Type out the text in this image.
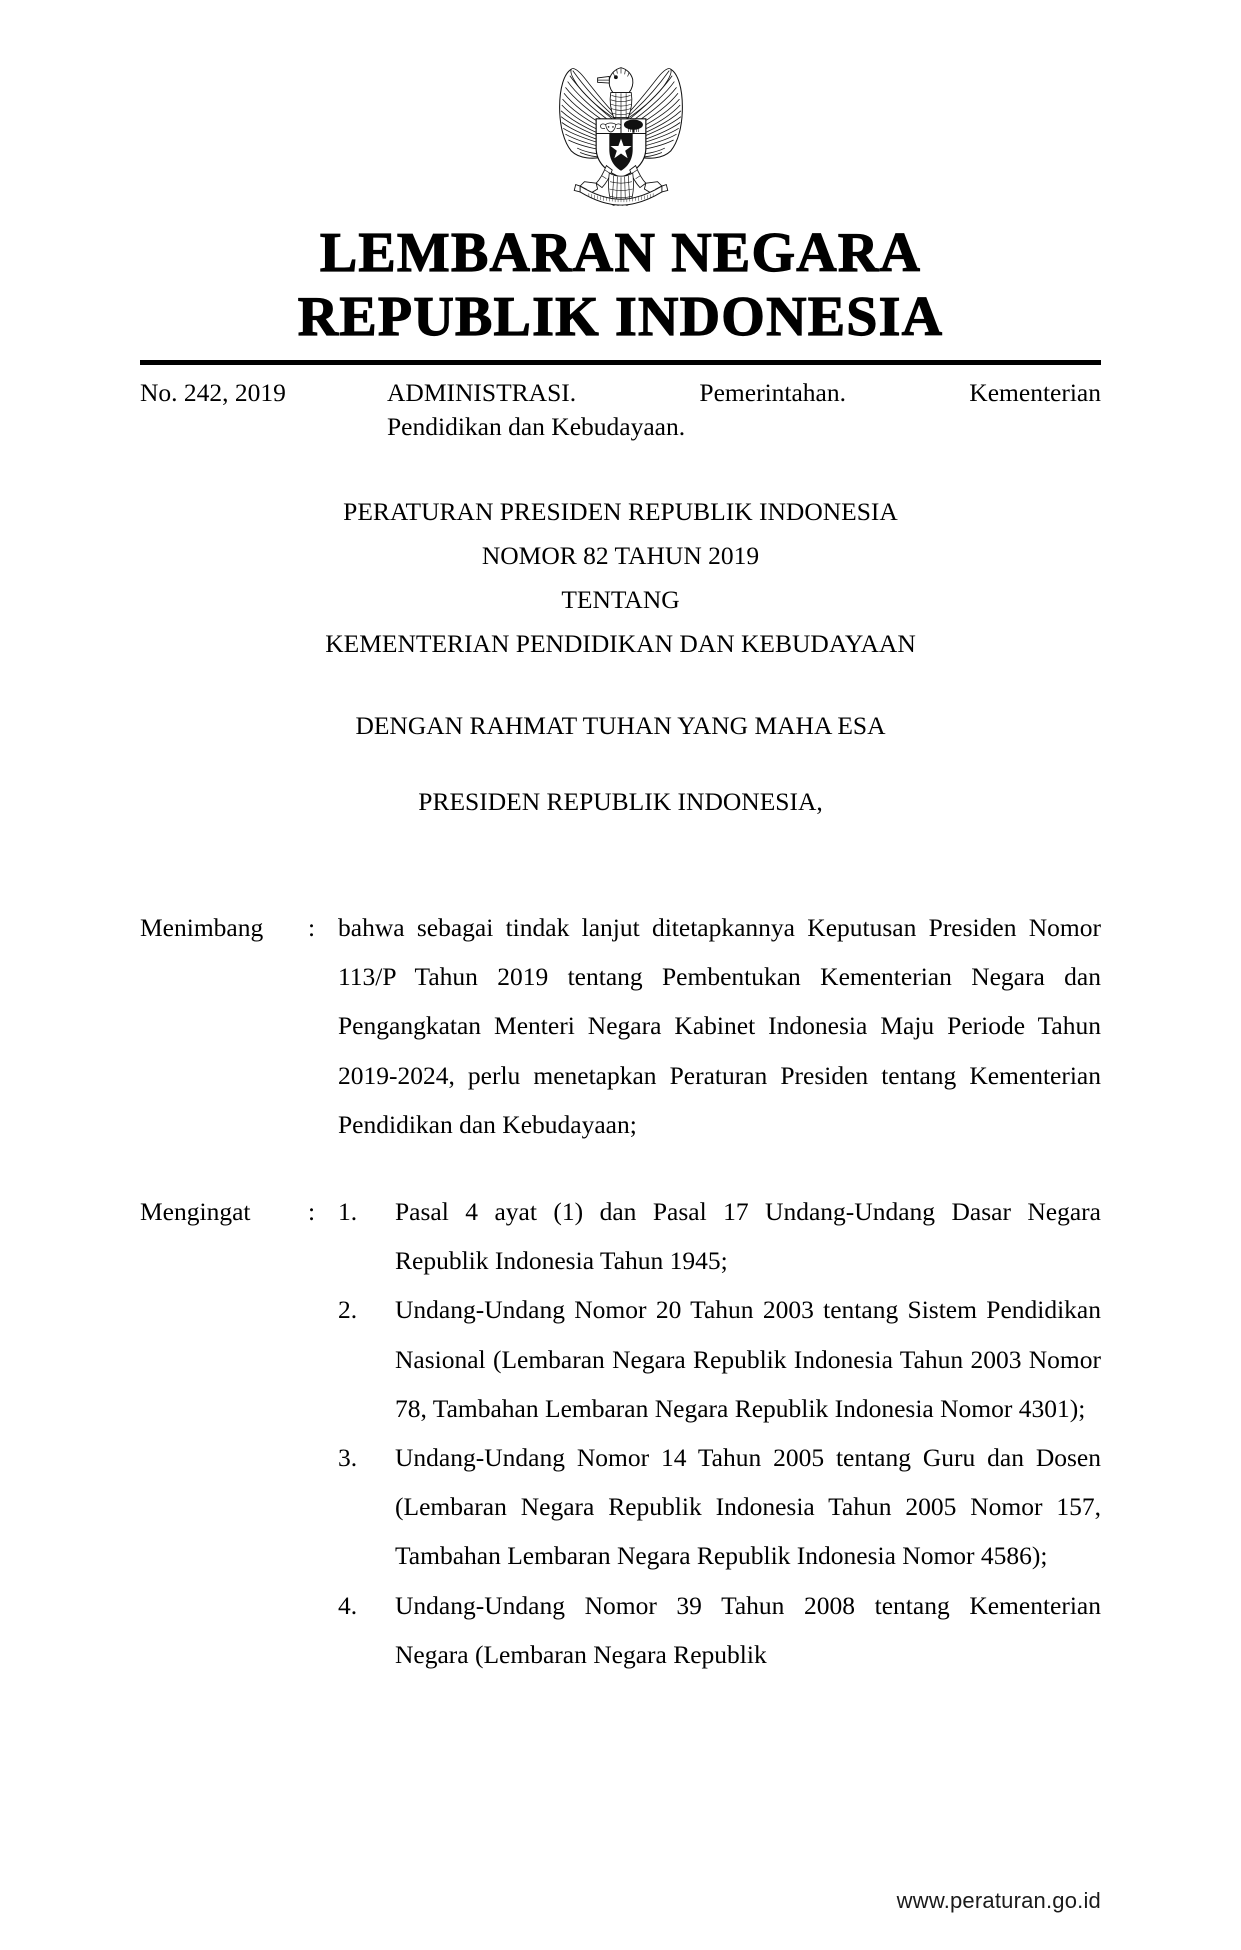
LEMBARAN NEGARA
REPUBLIK INDONESIA
No. 242, 2019	ADMINISTRASI. Pemerintahan. Kementerian
Pendidikan dan Kebudayaan.
PERATURAN PRESIDEN REPUBLIK INDONESIA
NOMOR 82 TAHUN 2019
TENTANG
KEMENTERIAN PENDIDIKAN DAN KEBUDAYAAN
DENGAN RAHMAT TUHAN YANG MAHA ESA
PRESIDEN REPUBLIK INDONESIA,
Menimbang	: bahwa sebagai tindak lanjut ditetapkannya Keputusan Presiden Nomor 113/P Tahun 2019 tentang Pembentukan Kementerian Negara dan Pengangkatan Menteri Negara Kabinet Indonesia Maju Periode Tahun 2019-2024, perlu menetapkan Peraturan Presiden tentang Kementerian Pendidikan dan Kebudayaan;
Mengingat	: 1.	Pasal 4 ayat (1) dan Pasal 17 Undang-Undang Dasar Negara Republik Indonesia Tahun 1945;
2.	Undang-Undang Nomor 20 Tahun 2003 tentang Sistem Pendidikan Nasional (Lembaran Negara Republik Indonesia Tahun 2003 Nomor 78, Tambahan Lembaran Negara Republik Indonesia Nomor 4301);
3.	Undang-Undang Nomor 14 Tahun 2005 tentang Guru dan Dosen (Lembaran Negara Republik Indonesia Tahun 2005 Nomor 157, Tambahan Lembaran Negara Republik Indonesia Nomor 4586);
4.	Undang-Undang Nomor 39 Tahun 2008 tentang Kementerian Negara (Lembaran Negara Republik
www.peraturan.go.id
